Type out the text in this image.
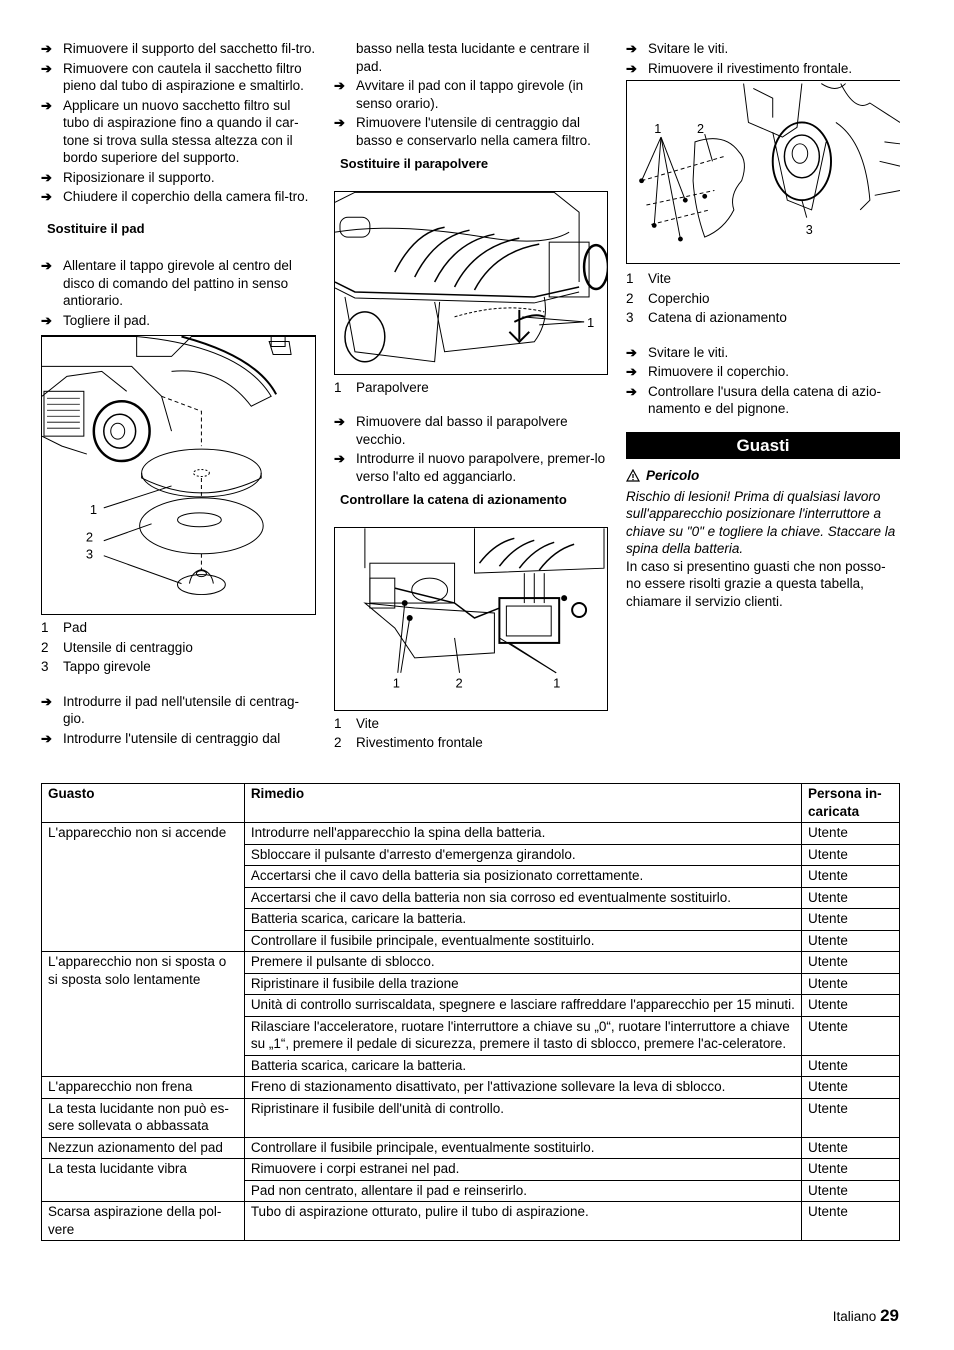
➔ Rimuovere il supporto del sacchetto fil-tro.
➔ Rimuovere con cautela il sacchetto filtro pieno dal tubo di aspirazione e smaltirlo.
➔ Applicare un nuovo sacchetto filtro sul tubo di aspirazione fino a quando il car-tone si trova sulla stessa altezza con il bordo superiore del supporto.
➔ Riposizionare il supporto.
➔ Chiudere il coperchio della camera fil-tro.
Sostituire il pad
➔ Allentare il tappo girevole al centro del disco di comando del pattino in senso antiorario.
➔ Togliere il pad.
1
2
3
1	Pad
2	Utensile di centraggio
3	Tappo girevole
➔ Introdurre il pad nell'utensile di centrag-gio.
➔ Introdurre l'utensile di centraggio dal
basso nella testa lucidante e centrare il pad.
➔ Avvitare il pad con il tappo girevole (in senso orario).
➔ Rimuovere l'utensile di centraggio dal basso e conservarlo nella camera filtro.
Sostituire il parapolvere
1
1	Parapolvere
➔ Rimuovere dal basso il parapolvere vecchio.
➔ Introdurre il nuovo parapolvere, premer-lo verso l'alto ed agganciarlo.
Controllare la catena di azionamento
1	2	1
1	Vite
2	Rivestimento frontale
➔ Svitare le viti.
➔ Rimuovere il rivestimento frontale.
1	2
3
1	Vite
2	Coperchio
3	Catena di azionamento
➔ Svitare le viti.
➔ Rimuovere il coperchio.
➔ Controllare l'usura della catena di azio-namento e del pignone.
Guasti
Pericolo
Rischio di lesioni! Prima di qualsiasi lavoro sull'apparecchio posizionare l'interruttore a chiave su "0" e togliere la chiave. Staccare la spina della batteria.
In caso si presentino guasti che non posso-no essere risolti grazie a questa tabella, chiamare il servizio clienti.
Guasto	Rimedio	Persona in-caricata
L'apparecchio non si accende	Introdurre nell'apparecchio la spina della batteria.	Utente
	Sbloccare il pulsante d'arresto d'emergenza girandolo.	Utente
	Accertarsi che il cavo della batteria sia posizionato correttamente.	Utente
	Accertarsi che il cavo della batteria non sia corroso ed eventualmente sostituirlo.	Utente
	Batteria scarica, caricare la batteria.	Utente
	Controllare il fusibile principale, eventualmente sostituirlo.	Utente
L'apparecchio non si sposta o si sposta solo lentamente	Premere il pulsante di sblocco.	Utente
	Ripristinare il fusibile della trazione	Utente
	Unità di controllo surriscaldata, spegnere e lasciare raffreddare l'apparecchio per 15 minuti.	Utente
	Rilasciare l'acceleratore, ruotare l'interruttore a chiave su „0“, ruotare l'interruttore a chiave su „1“, premere il pedale di sicurezza, premere il tasto di sblocco, premere l'ac-celeratore.	Utente
	Batteria scarica, caricare la batteria.	Utente
L'apparecchio non frena	Freno di stazionamento disattivato, per l'attivazione sollevare la leva di sblocco.	Utente
La testa lucidante non può es-sere sollevata o abbassata	Ripristinare il fusibile dell'unità di controllo.	Utente
Nezzun azionamento del pad	Controllare il fusibile principale, eventualmente sostituirlo.	Utente
La testa lucidante vibra	Rimuovere i corpi estranei nel pad.	Utente
	Pad non centrato, allentare il pad e reinserirlo.	Utente
Scarsa aspirazione della pol-vere	Tubo di aspirazione otturato, pulire il tubo di aspirazione.	Utente
Italiano 29
